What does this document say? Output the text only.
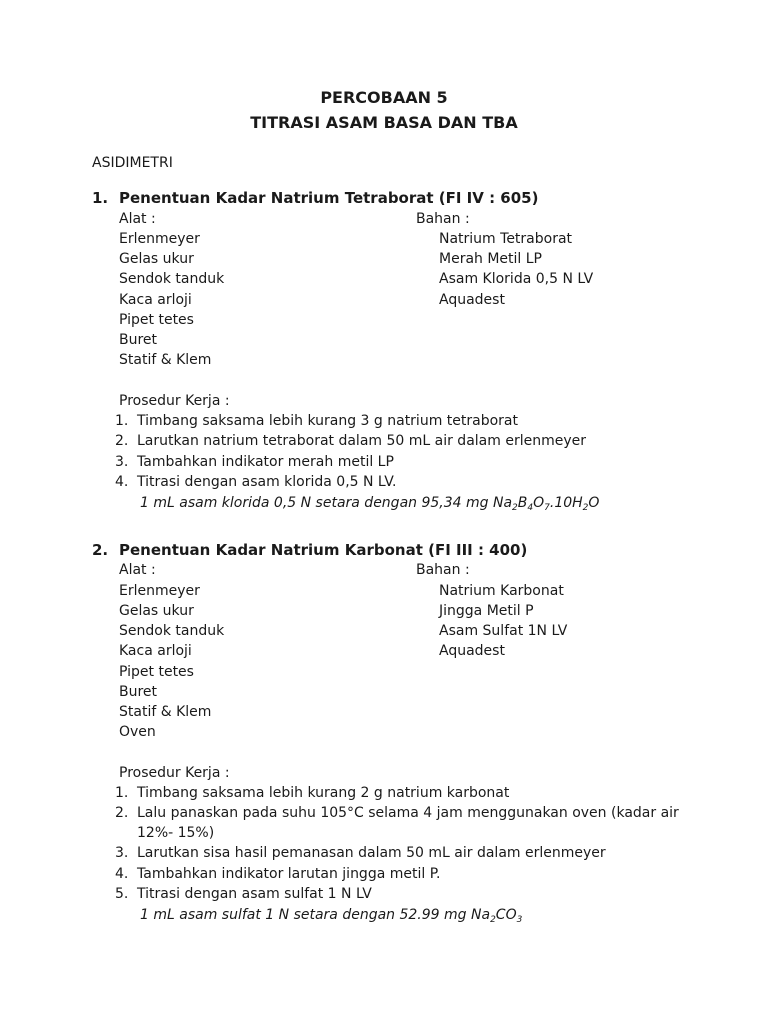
PERCOBAAN 5
TITRASI ASAM BASA DAN TBA
ASIDIMETRI
1. Penentuan Kadar Natrium Tetraborat (FI IV : 605)
Alat :	Bahan :
Erlenmeyer
Gelas ukur
Sendok tanduk
Kaca arloji
Pipet tetes
Buret
Statif & Klem
Natrium Tetraborat
Merah Metil LP
Asam Klorida 0,5 N LV
Aquadest
Prosedur Kerja :
1. Timbang saksama lebih kurang 3 g natrium tetraborat
2. Larutkan natrium tetraborat dalam 50 mL air dalam erlenmeyer
3. Tambahkan indikator merah metil LP
4. Titrasi dengan asam klorida 0,5 N LV.
1 mL asam klorida 0,5 N setara dengan 95,34 mg $Na_2B_4O_7.10H_2O$
2. Penentuan Kadar Natrium Karbonat (FI III : 400)
Alat :	Bahan :
Erlenmeyer
Gelas ukur
Sendok tanduk
Kaca arloji
Pipet tetes
Buret
Statif & Klem
Oven
Natrium Karbonat
Jingga Metil P
Asam Sulfat 1N LV
Aquadest
Prosedur Kerja :
1. Timbang saksama lebih kurang 2 g natrium karbonat
2. Lalu panaskan pada suhu 105°C selama 4 jam menggunakan oven (kadar air
12%- 15%)
3. Larutkan sisa hasil pemanasan dalam 50 mL air dalam erlenmeyer
4. Tambahkan indikator larutan jingga metil P.
5. Titrasi dengan asam sulfat 1 N LV
1 mL asam sulfat 1 N setara dengan 52.99 mg $Na_2CO_3$
